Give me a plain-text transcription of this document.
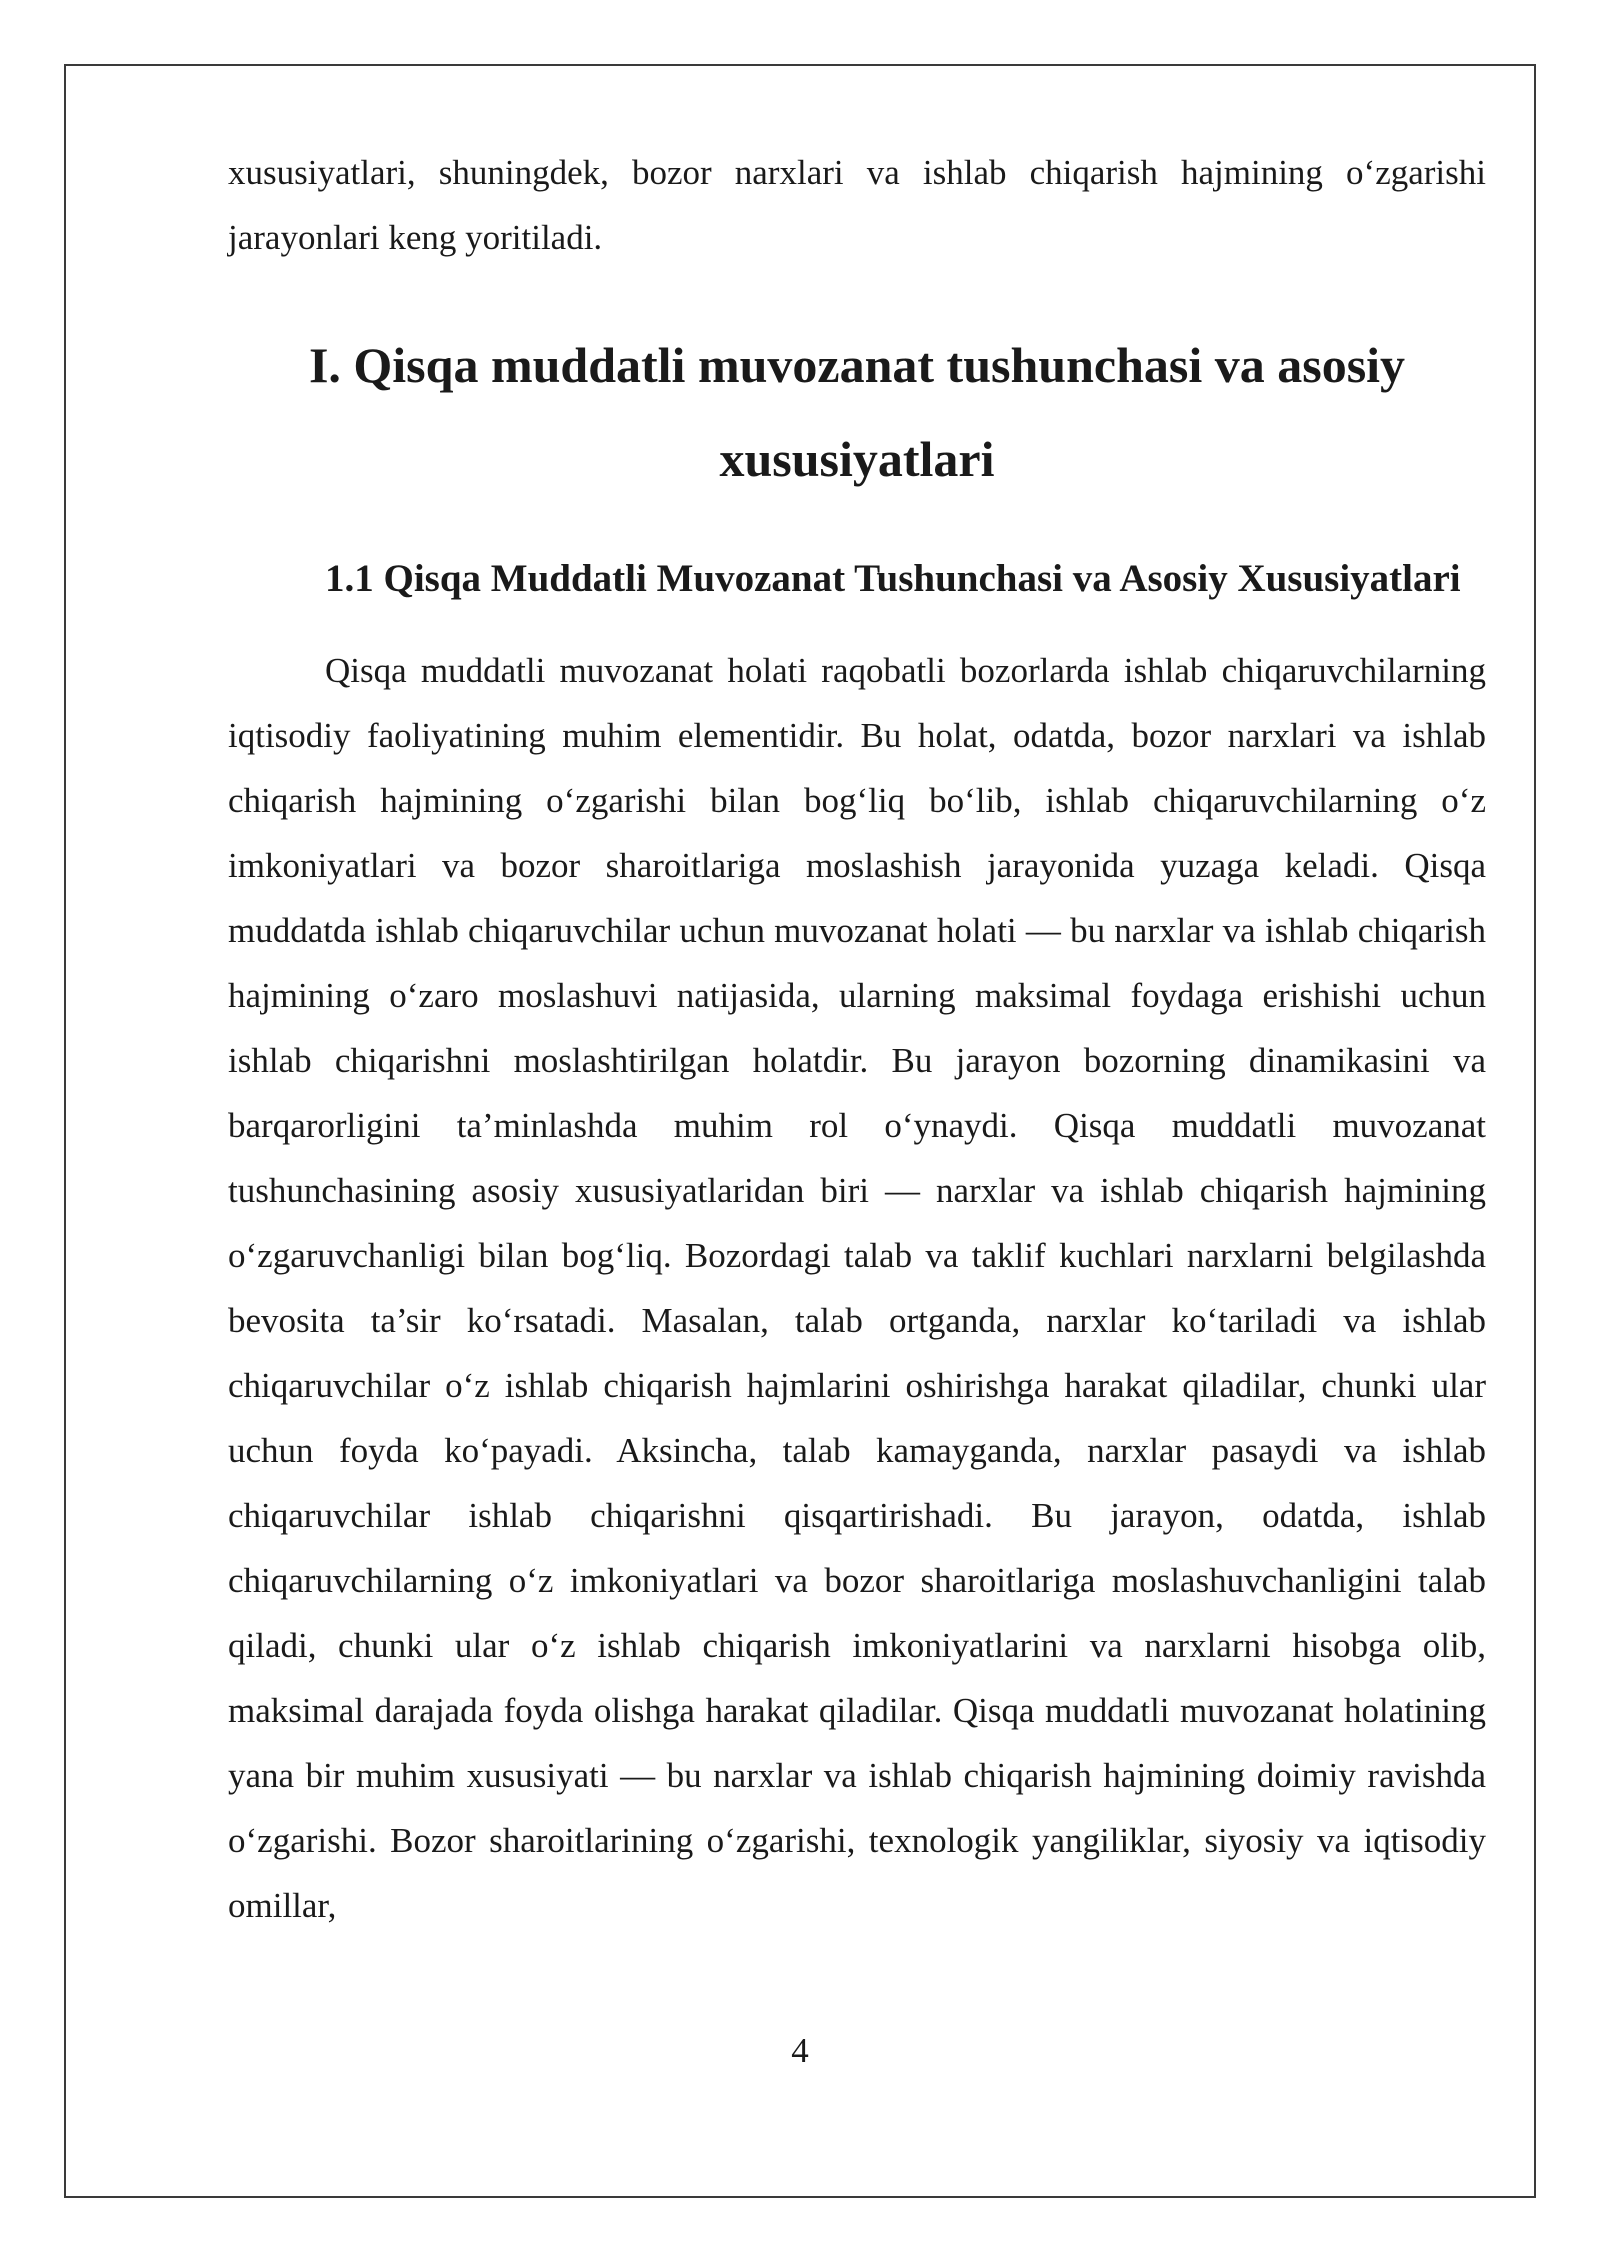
xususiyatlari, shuningdek, bozor narxlari va ishlab chiqarish hajmining oʻzgarishi jarayonlari keng yoritiladi.

I. Qisqa muddatli muvozanat tushunchasi va asosiy xususiyatlari
1.1 Qisqa Muddatli Muvozanat Tushunchasi va Asosiy Xususiyatlari

Qisqa muddatli muvozanat holati raqobatli bozorlarda ishlab chiqaruvchilarning iqtisodiy faoliyatining muhim elementidir. Bu holat, odatda, bozor narxlari va ishlab chiqarish hajmining oʻzgarishi bilan bogʻliq boʻlib, ishlab chiqaruvchilarning oʻz imkoniyatlari va bozor sharoitlariga moslashish jarayonida yuzaga keladi. Qisqa muddatda ishlab chiqaruvchilar uchun muvozanat holati — bu narxlar va ishlab chiqarish hajmining oʻzaro moslashuvi natijasida, ularning maksimal foydaga erishishi uchun ishlab chiqarishni moslashtirilgan holatdir. Bu jarayon bozorning dinamikasini va barqarorligini ta’minlashda muhim rol oʻynaydi. Qisqa muddatli muvozanat tushunchasining asosiy xususiyatlaridan biri — narxlar va ishlab chiqarish hajmining oʻzgaruvchanligi bilan bogʻliq. Bozordagi talab va taklif kuchlari narxlarni belgilashda bevosita ta’sir koʻrsatadi. Masalan, talab ortganda, narxlar koʻtariladi va ishlab chiqaruvchilar oʻz ishlab chiqarish hajmlarini oshirishga harakat qiladilar, chunki ular uchun foyda koʻpayadi. Aksincha, talab kamayganda, narxlar pasaydi va ishlab chiqaruvchilar ishlab chiqarishni qisqartirishadi. Bu jarayon, odatda, ishlab chiqaruvchilarning oʻz imkoniyatlari va bozor sharoitlariga moslashuvchanligini talab qiladi, chunki ular oʻz ishlab chiqarish imkoniyatlarini va narxlarni hisobga olib, maksimal darajada foyda olishga harakat qiladilar. Qisqa muddatli muvozanat holatining yana bir muhim xususiyati — bu narxlar va ishlab chiqarish hajmining doimiy ravishda oʻzgarishi. Bozor sharoitlarining oʻzgarishi, texnologik yangiliklar, siyosiy va iqtisodiy omillar,

4
